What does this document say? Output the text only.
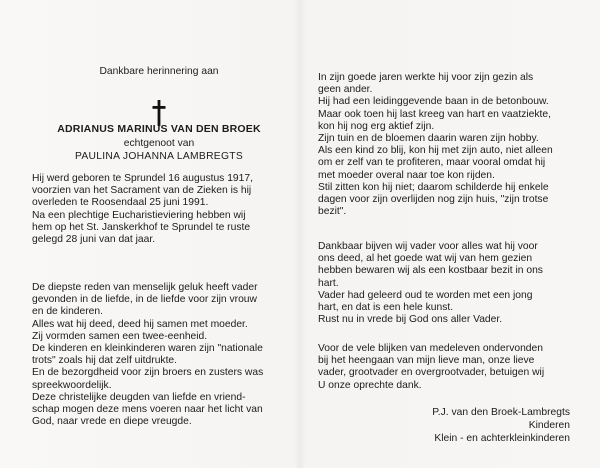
Dankbare herinnering aan
ADRIANUS MARINUS VAN DEN BROEK
echtgenoot van
PAULINA JOHANNA LAMBREGTS
Hij werd geboren te Sprundel 16 augustus 1917,
voorzien van het Sacrament van de Zieken is hij
overleden te Roosendaal 25 juni 1991.
Na een plechtige Eucharistieviering hebben wij
hem op het St. Janskerkhof te Sprundel te ruste
gelegd 28 juni van dat jaar.
De diepste reden van menselijk geluk heeft vader
gevonden in de liefde, in de liefde voor zijn vrouw
en de kinderen.
Alles wat hij deed, deed hij samen met moeder.
Zij vormden samen een twee-eenheid.
De kinderen en kleinkinderen waren zijn "nationale
trots" zoals hij dat zelf uitdrukte.
En de bezorgdheid voor zijn broers en zusters was
spreekwoordelijk.
Deze christelijke deugden van liefde en vriend-
schap mogen deze mens voeren naar het licht van
God, naar vrede en diepe vreugde.
In zijn goede jaren werkte hij voor zijn gezin als
geen ander.
Hij had een leidinggevende baan in de betonbouw.
Maar ook toen hij last kreeg van hart en vaatziekte,
kon hij nog erg aktief zijn.
Zijn tuin en de bloemen daarin waren zijn hobby.
Als een kind zo blij, kon hij met zijn auto, niet alleen
om er zelf van te profiteren, maar vooral omdat hij
met moeder overal naar toe kon rijden.
Stil zitten kon hij niet; daarom schilderde hij enkele
dagen voor zijn overlijden nog zijn huis, "zijn trotse
bezit".
Dankbaar bijven wij vader voor alles wat hij voor
ons deed, al het goede wat wij van hem gezien
hebben bewaren wij als een kostbaar bezit in ons
hart.
Vader had geleerd oud te worden met een jong
hart, en dat is een hele kunst.
Rust nu in vrede bij God ons aller Vader.
Voor de vele blijken van medeleven ondervonden
bij het heengaan van mijn lieve man, onze lieve
vader, grootvader en overgrootvader, betuigen wij
U onze oprechte dank.
P.J. van den Broek-Lambregts
Kinderen
Klein - en achterkleinkinderen
